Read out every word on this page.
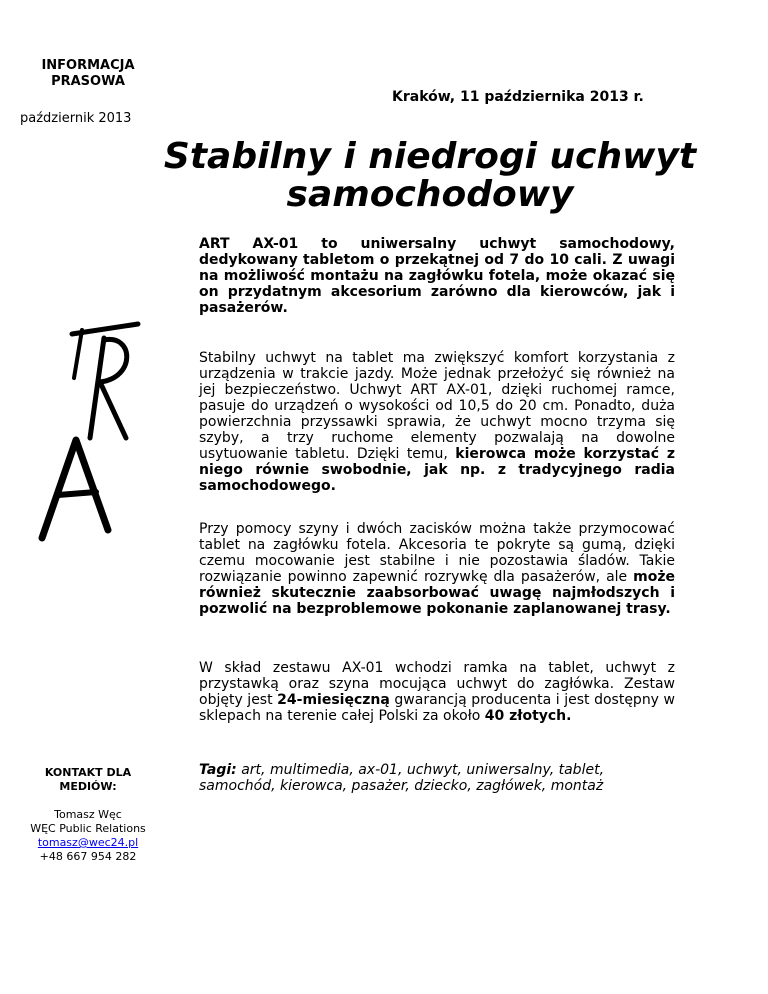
INFORMACJA PRASOWA
październik 2013
Kraków, 11 października 2013 r.
Stabilny i niedrogi uchwyt samochodowy
ART AX-01 to uniwersalny uchwyt samochodowy, dedykowany tabletom o przekątnej od 7 do 10 cali. Z uwagi na możliwość montażu na zagłówku fotela, może okazać się on przydatnym akcesorium zarówno dla kierowców, jak i pasażerów.

Stabilny uchwyt na tablet ma zwiększyć komfort korzystania z urządzenia w trakcie jazdy. Może jednak przełożyć się również na jej bezpieczeństwo. Uchwyt ART AX-01, dzięki ruchomej ramce, pasuje do urządzeń o wysokości od 10,5 do 20 cm. Ponadto, duża powierzchnia przyssawki sprawia, że uchwyt mocno trzyma się szyby, a trzy ruchome elementy pozwalają na dowolne usytuowanie tabletu. Dzięki temu, kierowca może korzystać z niego równie swobodnie, jak np. z tradycyjnego radia samochodowego.

Przy pomocy szyny i dwóch zacisków można także przymocować tablet na zagłówku fotela. Akcesoria te pokryte są gumą, dzięki czemu mocowanie jest stabilne i nie pozostawia śladów. Takie rozwiązanie powinno zapewnić rozrywkę dla pasażerów, ale może również skutecznie zaabsorbować uwagę najmłodszych i pozwolić na bezproblemowe pokonanie zaplanowanej trasy.

W skład zestawu AX-01 wchodzi ramka na tablet, uchwyt z przystawką oraz szyna mocująca uchwyt do zagłówka. Zestaw objęty jest 24-miesięczną gwarancją producenta i jest dostępny w sklepach na terenie całej Polski za około 40 złotych.

Tagi: art, multimedia, ax-01, uchwyt, uniwersalny, tablet, samochód, kierowca, pasażer, dziecko, zagłówek, montaż

KONTAKT DLA MEDIÓW:
Tomasz Węc
WĘC Public Relations
tomasz@wec24.pl
+48 667 954 282
